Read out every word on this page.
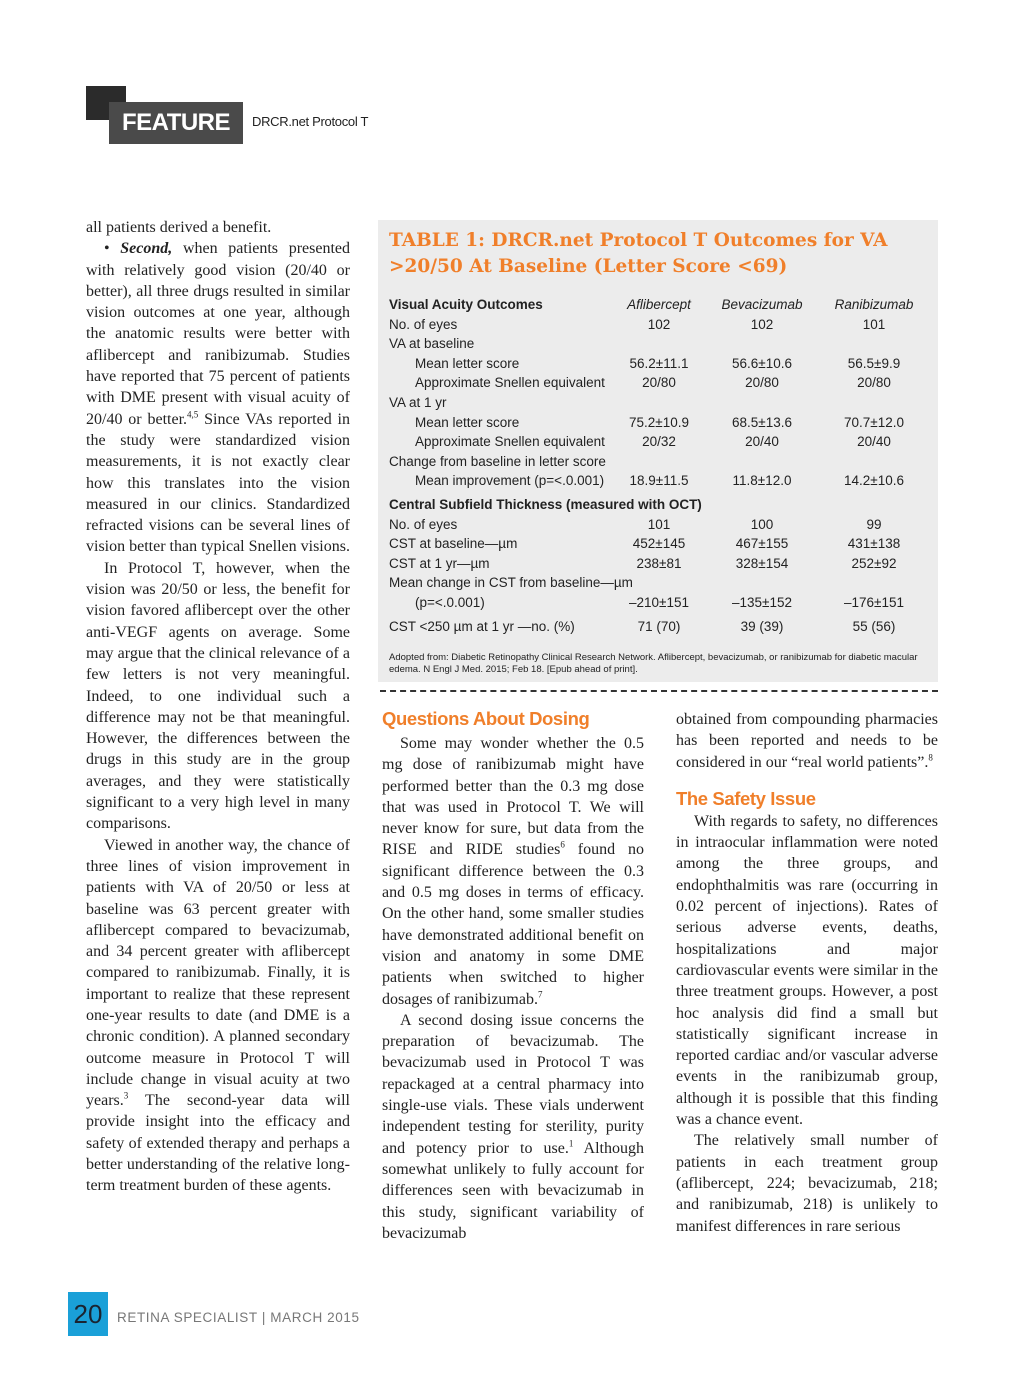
FEATURE	DRCR.net Protocol T

all patients derived a benefit.

• Second, when patients presented with relatively good vision (20/40 or better), all three drugs resulted in similar vision outcomes at one year, although the anatomic results were better with aflibercept and ranibizumab. Studies have reported that 75 percent of patients with DME present with visual acuity of 20/40 or better.$^{4,5}$ Since VAs reported in the study were standardized vision measurements, it is not exactly clear how this translates into the vision measured in our clinics. Standardized refracted visions can be several lines of vision better than typical Snellen visions.

In Protocol T, however, when the vision was 20/50 or less, the benefit for vision favored aflibercept over the other anti-VEGF agents on average. Some may argue that the clinical relevance of a few letters is not very meaningful. Indeed, to one individual such a difference may not be that meaningful. However, the differences between the drugs in this study are in the group averages, and they were statistically significant to a very high level in many comparisons.

Viewed in another way, the chance of three lines of vision improvement in patients with VA of 20/50 or less at baseline was 63 percent greater with aflibercept compared to bevacizumab, and 34 percent greater with aflibercept compared to ranibizumab. Finally, it is important to realize that these represent one-year results to date (and DME is a chronic condition). A planned secondary outcome measure in Protocol T will include change in visual acuity at two years.$^3$ The second-year data will provide insight into the efficacy and safety of extended therapy and perhaps a better understanding of the relative long-term treatment burden of these agents.

TABLE 1: DRCR.net Protocol T Outcomes for VA >20/50 At Baseline (Letter Score <69)
Visual Acuity Outcomes	Aflibercept	Bevacizumab	Ranibizumab
No. of eyes	102	102	101
VA at baseline
Mean letter score	56.2±11.1	56.6±10.6	56.5±9.9
Approximate Snellen equivalent	20/80	20/80	20/80
VA at 1 yr
Mean letter score	75.2±10.9	68.5±13.6	70.7±12.0
Approximate Snellen equivalent	20/32	20/40	20/40
Change from baseline in letter score
Mean improvement (p=<.0.001)	18.9±11.5	11.8±12.0	14.2±10.6
Central Subfield Thickness (measured with OCT)
No. of eyes	101	100	99
CST at baseline—µm	452±145	467±155	431±138
CST at 1 yr—µm	238±81	328±154	252±92
Mean change in CST from baseline—µm
(p=<.0.001)	–210±151	–135±152	–176±151
CST <250 µm at 1 yr —no. (%)	71 (70)	39 (39)	55 (56)
Adopted from: Diabetic Retinopathy Clinical Research Network. Aflibercept, bevacizumab, or ranibizumab for diabetic macular edema. N Engl J Med. 2015; Feb 18. [Epub ahead of print].
Questions About Dosing

Some may wonder whether the 0.5 mg dose of ranibizumab might have performed better than the 0.3 mg dose that was used in Protocol T. We will never know for sure, but data from the RISE and RIDE studies$^6$ found no significant difference between the 0.3 and 0.5 mg doses in terms of efficacy. On the other hand, some smaller studies have demonstrated additional benefit on vision and anatomy in some DME patients when switched to higher dosages of ranibizumab.$^7$

A second dosing issue concerns the preparation of bevacizumab. The bevacizumab used in Protocol T was repackaged at a central pharmacy into single-use vials. These vials underwent independent testing for sterility, purity and potency prior to use.$^1$ Although somewhat unlikely to fully account for differences seen with bevacizumab in this study, significant variability of bevacizumab

obtained from compounding pharmacies has been reported and needs to be considered in our “real world patients”.$^8$

The Safety Issue

With regards to safety, no differences in intraocular inflammation were noted among the three groups, and endophthalmitis was rare (occurring in 0.02 percent of injections). Rates of serious adverse events, deaths, hospitalizations and major cardiovascular events were similar in the three treatment groups. However, a post hoc analysis did find a small but statistically significant increase in reported cardiac and/or vascular adverse events in the ranibizumab group, although it is possible that this finding was a chance event.

The relatively small number of patients in each treatment group (aflibercept, 224; bevacizumab, 218; and ranibizumab, 218) is unlikely to manifest differences in rare serious

20	RETINA SPECIALIST | MARCH 2015
